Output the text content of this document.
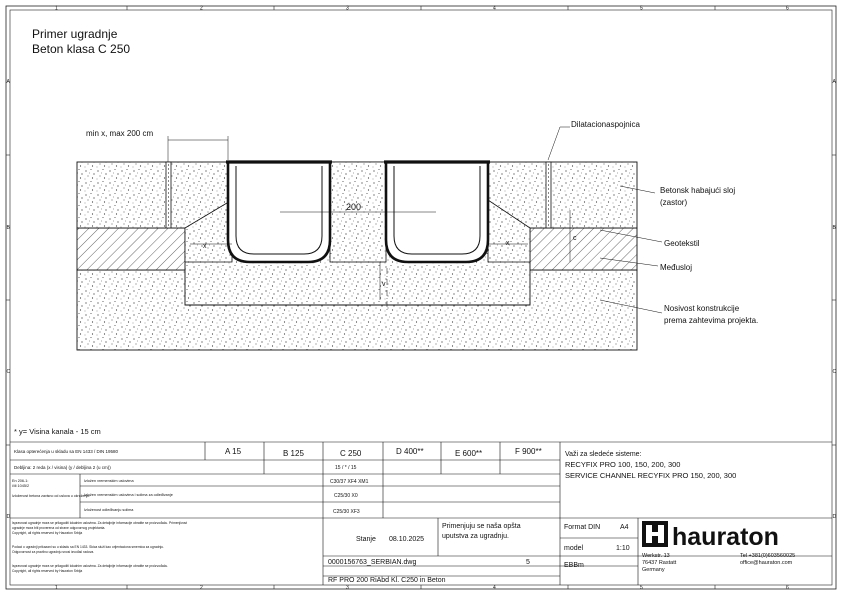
1	2	3	4	5	6
1	2	3	4	5	6
A
B
C
D
A
B
C
D
Primer ugradnje
Beton klasa C 250
min x, max 200 cm
200
x	x
c
v
Dilatacionaspojnica
Betonsk habajući sloj
(zastor)
Geotekstil
Međusloj
Nosivost konstrukcije
prema zahtevima projekta.
* y= Visina kanala - 15 cm
Klasa opterećenja u skladu sa EN 1433 / DIN 19580	A 15	B 125	C 250	D 400**	E 600**	F 900**
Debljina: 2 reda (x / visina) (y / debljina 2 (u cm))	15 / * / 15
En 206-1:
i/ili 1045/2
Izloženost betona zavisno od uslova u okruženju
Izložen vremenskim uslovima	C30/37 XF4 XM1
Izložen vremenskim uslovima i solima za odleđivanje	C25/30 X0
Izloženost odleđivanju solima	C25/30 XF3
Važi za sledeće sisteme:
RECYFIX PRO 100, 150, 200, 300
SERVICE CHANNEL RECYFIX PRO 150, 200, 300
Ispravnost ugradnje mora se prilagoditi lokalnim uslovima. Za detaljnije informacije obratite se proizvođaču. Primenjivost
ugradnje mora biti proverena od strane odgovornog projektanta.
Copyright, all rights reserved by Hauraton Srbija
Podaci o ugradnji prikazani su u skladu sa EN 1433. Skica služi kao orijentaciona smernica za ugradnju.
Odgovornost za pravilnu ugradnju snosi izvođač radova.
Ispravnost ugradnje mora se prilagoditi lokalnim uslovima. Za detaljnije informacije obratite se proizvođaču.
Copyright, all rights reserved by Hauraton Srbija
Stanje 08.10.2025
Primenjuju se naša opšta
uputstva za ugradnju.
0000156763_SERBIAN.dwg	5
Format DIN	A4
model	1:10
EBBm
RF PRO 200 RiAbd Kl. C250 in Beton
hauraton
Werkstr. 13
76437 Rastatt
Germany
Tel +381(0)603560025
office@hauraton.com
